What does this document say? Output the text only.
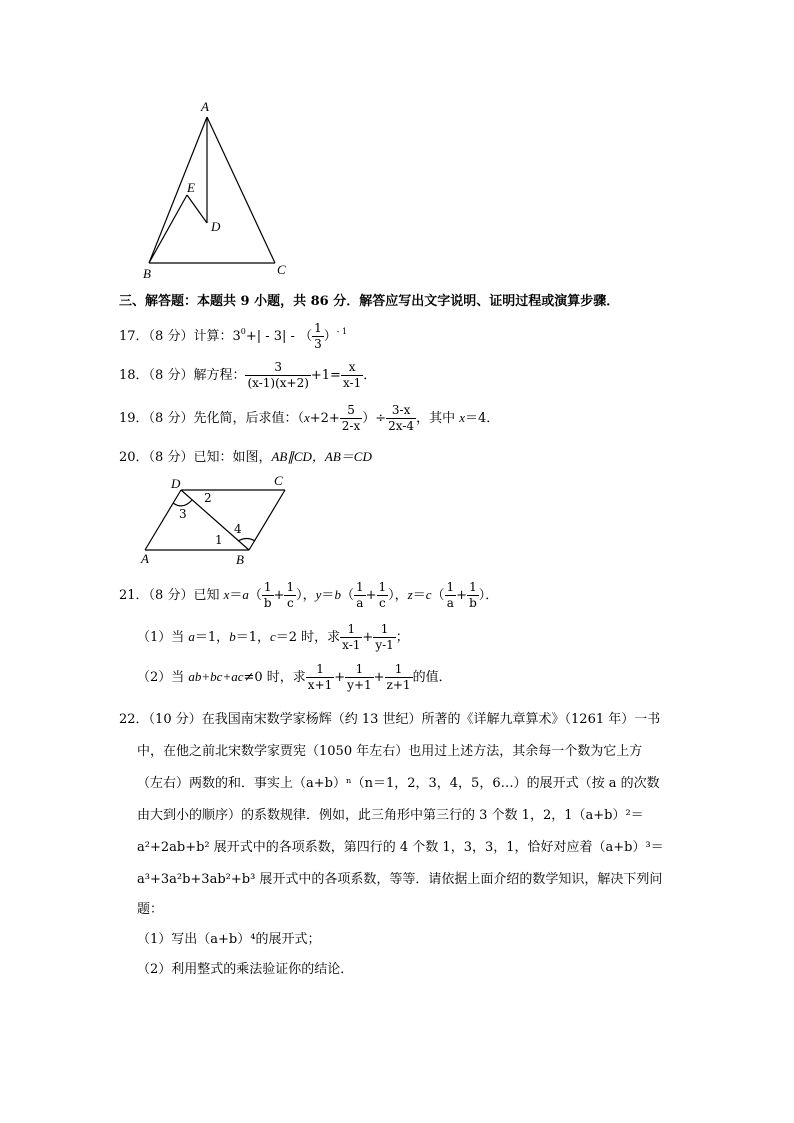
A
E
D
B	C
三、解答题：本题共 9 小题，共 86 分．解答应写出文字说明、证明过程或演算步骤．
17．（8 分）计算：$3^0+| - 3|$ - （ $\frac{1}{3} )^{- 1}$
18．（8 分）解方程： $\frac{3}{(x-1)(x+2)} +1= \frac{x}{x-1}$ ．
19．（8 分）先化简，后求值：（$x+2+ \frac{5}{2-x}$ ）÷ $\frac{3-x}{2x-4}$ ，其中 x＝4．
20．（8 分）已知：如图，AB∥CD，AB＝CD
D	C
2
3
4
1
A	B
21．（8 分）已知 $x=a( \frac{1}{b} + \frac{1}{c}$ ），$y=b( \frac{1}{a} + \frac{1}{c}$ ），$z=c( \frac{1}{a} + \frac{1}{b}$ ）．
（1）当 a＝1，b＝1，c＝2 时，求 $\frac{1}{x-1} + \frac{1}{y-1}$ ；
（2）当 ab+bc+ac≠0 时，求 $\frac{1}{x+1} + \frac{1}{y+1} + \frac{1}{z+1}$ 的值．
22．（10 分）在我国南宋数学家杨辉（约 13 世纪）所著的《详解九章算术》（1261 年）一书
中，在他之前北宋数学家贾宪（1050 年左右）也用过上述方法，其余每一个数为它上方
（左右）两数的和．事实上（a+b）ⁿ（n＝1，2，3，4，5，6…）的展开式（按 a 的次数
由大到小的顺序）的系数规律．例如，此三角形中第三行的 3 个数 1，2，1（a+b）²＝
a²+2ab+b² 展开式中的各项系数，第四行的 4 个数 1，3，3，1，恰好对应着（a+b）³＝
a³+3a²b+3ab²+b³ 展开式中的各项系数，等等．请依据上面介绍的数学知识，解决下列问
题：
（1）写出（a+b）⁴的展开式；
（2）利用整式的乘法验证你的结论．
